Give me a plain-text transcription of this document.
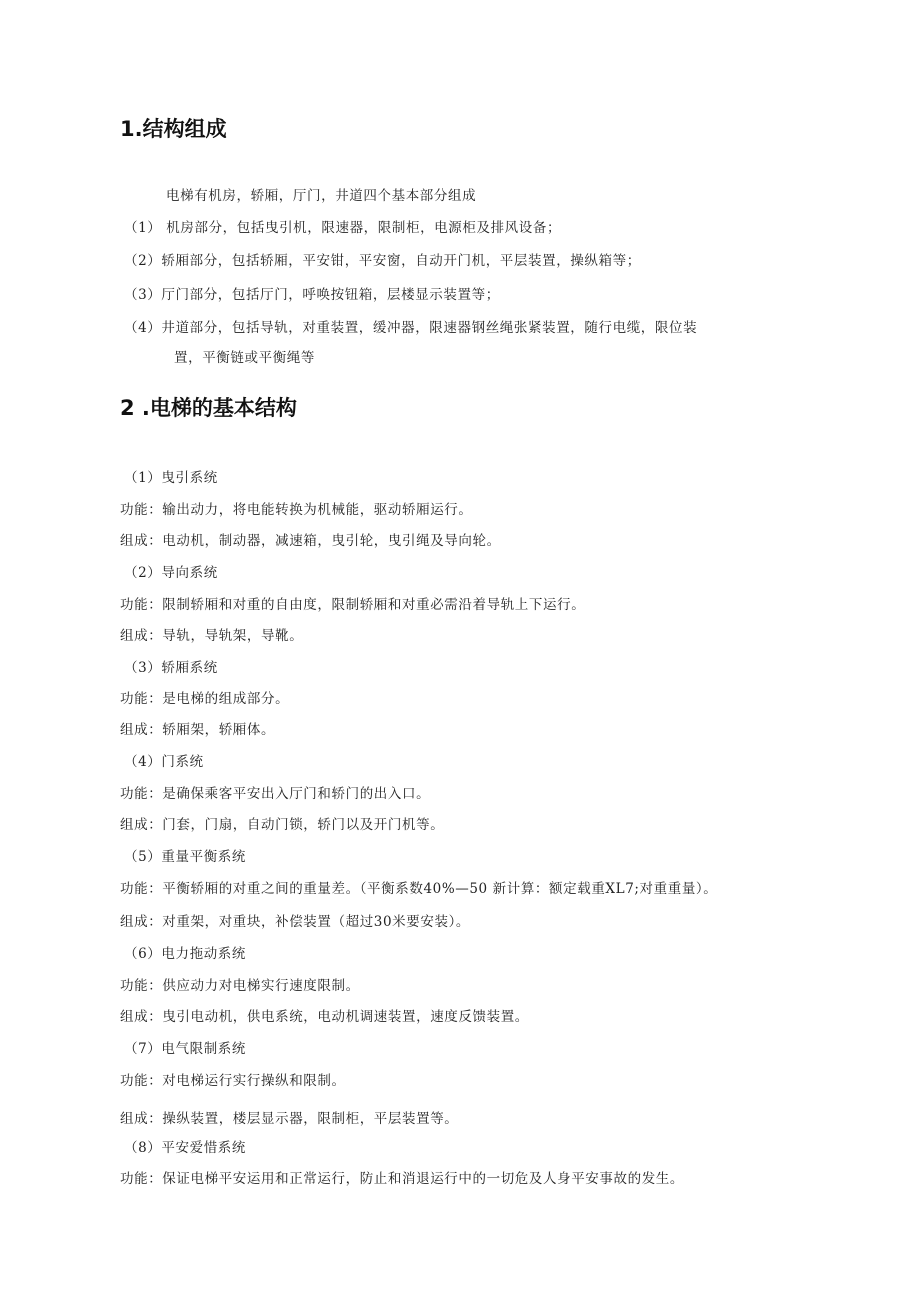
1.结构组成
电梯有机房，轿厢，厅门，井道四个基本部分组成
（1） 机房部分，包括曳引机，限速器，限制柜，电源柜及排风设备；
（2）轿厢部分，包括轿厢，平安钳，平安窗，自动开门机，平层装置，操纵箱等；
（3）厅门部分，包括厅门，呼唤按钮箱，层楼显示装置等；
（4）井道部分，包括导轨，对重装置，缓冲器，限速器钢丝绳张紧装置，随行电缆，限位装
置，平衡链或平衡绳等
2 .电梯的基本结构
（1）曳引系统
功能：输出动力，将电能转换为机械能，驱动轿厢运行。
组成：电动机，制动器，减速箱，曳引轮，曳引绳及导向轮。
（2）导向系统
功能：限制轿厢和对重的自由度，限制轿厢和对重必需沿着导轨上下运行。
组成：导轨，导轨架，导靴。
（3）轿厢系统
功能：是电梯的组成部分。
组成：轿厢架，轿厢体。
（4）门系统
功能：是确保乘客平安出入厅门和轿门的出入口。
组成：门套，门扇，自动门锁，轿门以及开门机等。
（5）重量平衡系统
功能：平衡轿厢的对重之间的重量差。（平衡系数40%—50 新计算：额定载重XL7;对重重量）。
组成：对重架，对重块，补偿装置（超过30米要安装）。
（6）电力拖动系统
功能：供应动力对电梯实行速度限制。
组成：曳引电动机，供电系统，电动机调速装置，速度反馈装置。
（7）电气限制系统
功能：对电梯运行实行操纵和限制。
组成：操纵装置，楼层显示器，限制柜，平层装置等。
（8）平安爱惜系统
功能：保证电梯平安运用和正常运行，防止和消退运行中的一切危及人身平安事故的发生。
